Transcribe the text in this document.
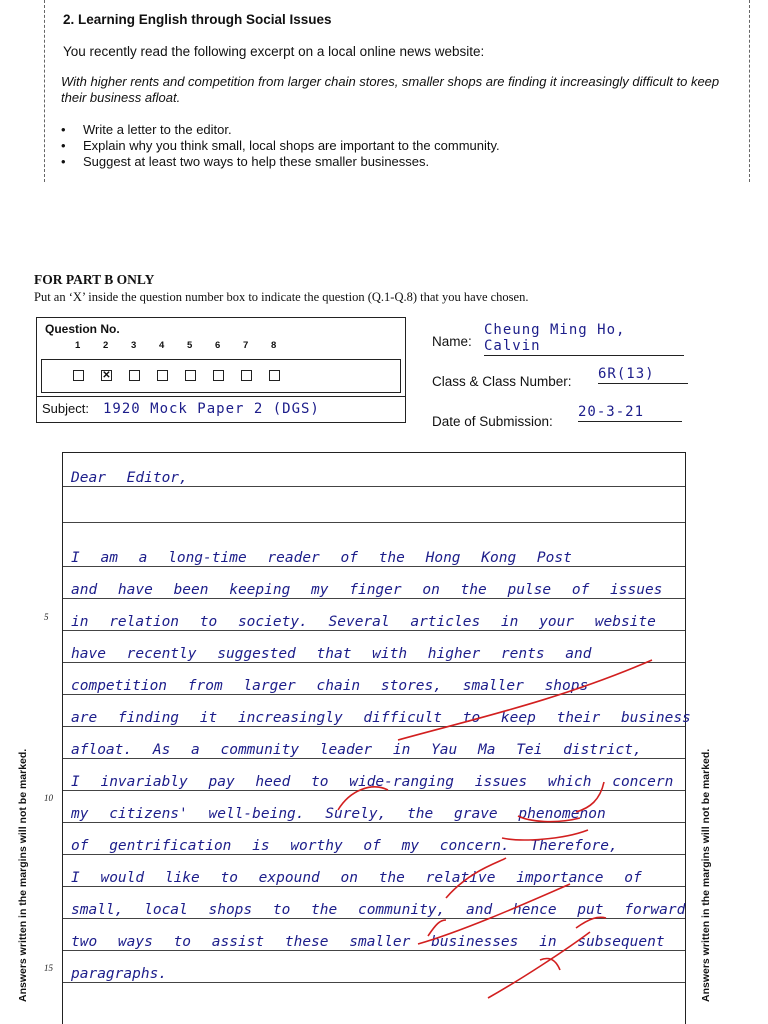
2. Learning English through Social Issues
You recently read the following excerpt on a local online news website:
With higher rents and competition from larger chain stores, smaller shops are finding it increasingly difficult to keep their business afloat.
• Write a letter to the editor.
• Explain why you think small, local shops are important to the community.
• Suggest at least two ways to help these smaller businesses.
FOR PART B ONLY
Put an ‘X’ inside the question number box to indicate the question (Q.1-Q.8) that you have chosen.
Question No.
1 2 3 4 5 6 7 8
✕
Subject: 1920 Mock Paper 2 (DGS)
Name:
Cheung Ming Ho, Calvin
Class & Class Number: 6R(13)
Date of Submission:
20-3-21
Dear Editor,
I am a long-time reader of the Hong Kong Post
and have been keeping my finger on the pulse of issues
in relation to society. Several articles in your website
have recently suggested that with higher rents and
competition from larger chain stores, smaller shops
are finding it increasingly difficult to keep their business
afloat. As a community leader in Yau Ma Tei district,
I invariably pay heed to wide-ranging issues which concern
my citizens' well-being. Surely, the grave phenomenon
of gentrification is worthy of my concern. Therefore,
I would like to expound on the relative importance of
small, local shops to the community, and hence put forward
two ways to assist these smaller businesses in subsequent
paragraphs.
5
10
15
Answers written in the margins will not be marked.	Answers written in the margins will not be marked.
